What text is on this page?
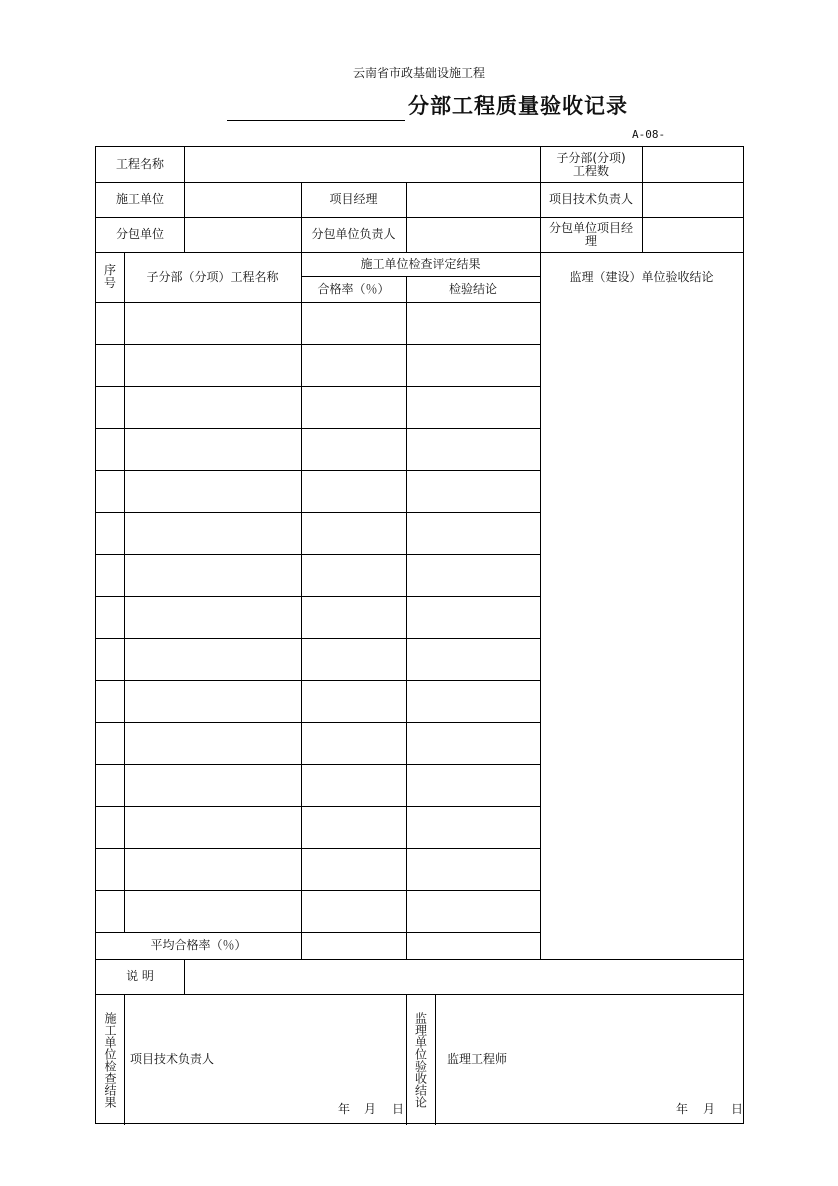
云南省市政基础设施工程
分部工程质量验收记录
A-08-
工程名称	子分部(分项)工程数
施工单位	项目经理	项目技术负责人
分包单位	分包单位负责人	分包单位项目经理
序号	子分部（分项）工程名称
施工单位检查评定结果
合格率（％）	检验结论
监理（建设）单位验收结论
平均合格率（％）
说 明
施工单位检查结果	项目技术负责人
年 月 日
监理单位验收结论	监理工程师
年 月 日
